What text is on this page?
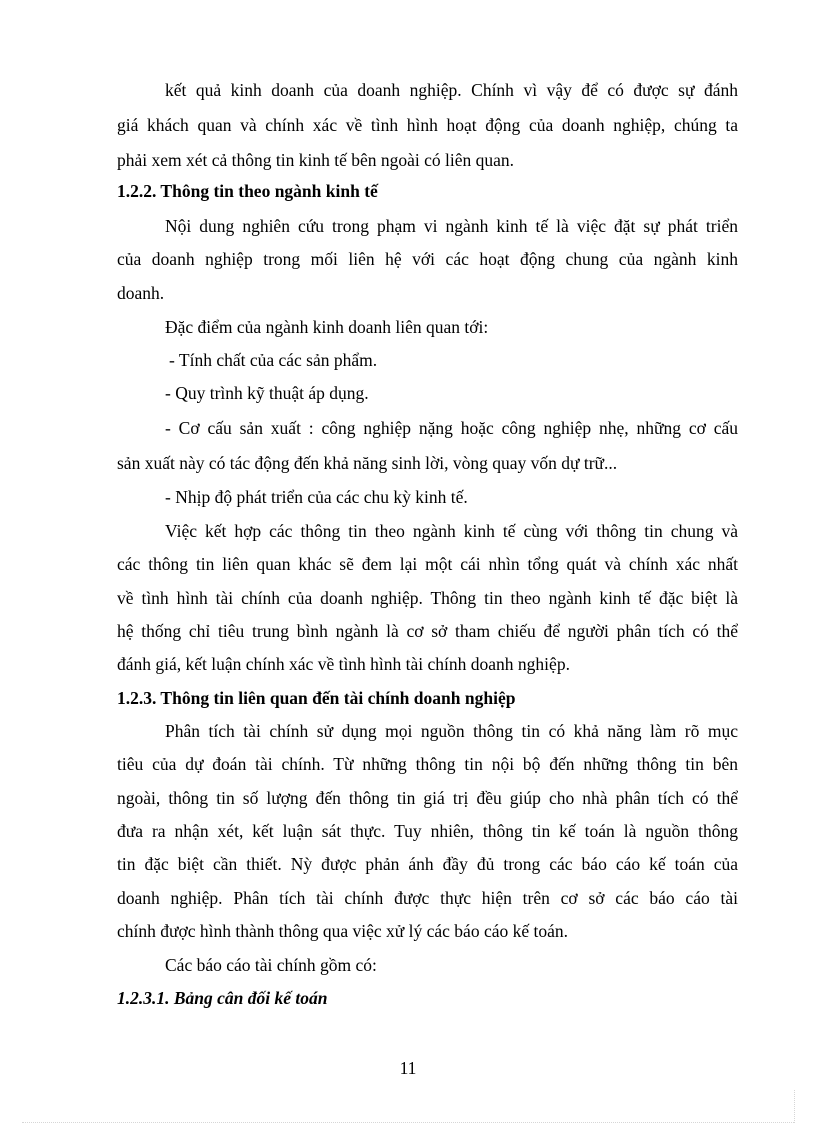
kết quả kinh doanh của doanh nghiệp. Chính vì vậy để có được sự đánh
giá khách quan và chính xác về tình hình hoạt động của doanh nghiệp, chúng ta
phải xem xét cả thông tin kinh tế bên ngoài có liên quan.
1.2.2. Thông tin theo ngành kinh tế
Nội dung nghiên cứu trong phạm vi ngành kinh tế là việc đặt sự phát triển
của doanh nghiệp trong mối liên hệ với các hoạt động chung của ngành kinh
doanh.
Đặc điểm của ngành kinh doanh liên quan tới:
- Tính chất của các sản phẩm.
- Quy trình kỹ thuật áp dụng.
- Cơ cấu sản xuất : công nghiệp nặng hoặc công nghiệp nhẹ, những cơ cấu
sản xuất này có tác động đến khả năng sinh lời, vòng quay vốn dự trữ...
- Nhịp độ phát triển của các chu kỳ kinh tế.
Việc kết hợp các thông tin theo ngành kinh tế cùng với thông tin chung và
các thông tin liên quan khác sẽ đem lại một cái nhìn tổng quát và chính xác nhất
về tình hình tài chính của doanh nghiệp. Thông tin theo ngành kinh tế đặc biệt là
hệ thống chỉ tiêu trung bình ngành là cơ sở tham chiếu để người phân tích có thể
đánh giá, kết luận chính xác về tình hình tài chính doanh nghiệp.
1.2.3. Thông tin liên quan đến tài chính doanh nghiệp
Phân tích tài chính sử dụng mọi nguồn thông tin có khả năng làm rõ mục
tiêu của dự đoán tài chính. Từ những thông tin nội bộ đến những thông tin bên
ngoài, thông tin số lượng đến thông tin giá trị đều giúp cho nhà phân tích có thể
đưa ra nhận xét, kết luận sát thực. Tuy nhiên, thông tin kế toán là nguồn thông
tin đặc biệt cần thiết. Nỳ được phản ánh đầy đủ trong các báo cáo kế toán của
doanh nghiệp. Phân tích tài chính được thực hiện trên cơ sở các báo cáo tài
chính được hình thành thông qua việc xử lý các báo cáo kế toán.
Các báo cáo tài chính gồm có:
1.2.3.1. Bảng cân đối kế toán
11
